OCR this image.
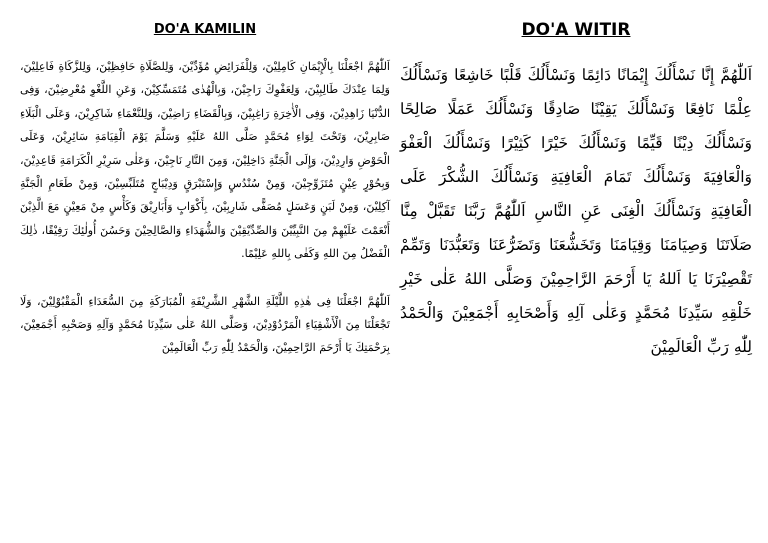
DO'A KAMILIN

اَللّٰهُمَّ اجْعَلْنَا بِالْإِيْمَانِ كَامِلِيْنَ، وَلِلْفَرَائِضِ مُؤَدِّيْنَ، وَلِلصَّلَاةِ حَافِظِيْنَ، وَلِلزَّكَاةِ فَاعِلِيْنَ، وَلِمَا عِنْدَكَ طَالِبِيْنَ، وَلِعَفْوِكَ رَاجِيْنَ، وَبِالْهُدٰى مُتَمَسِّكِيْنَ، وَعَنِ اللَّغْوِ مُعْرِضِيْنَ، وَفِى الدُّنْيَا زَاهِدِيْنَ، وَفِى الْأٰخِرَةِ رَاغِبِيْنَ، وَبِالْقَضَاءِ رَاضِيْنَ، وَلِلنَّعْمَاءِ شَاكِرِيْنَ، وَعَلَى الْبَلَاءِ صَابِرِيْنَ، وَتَحْتَ لِوَاءِ مُحَمَّدٍ صَلَّى اللهُ عَلَيْهِ وَسَلَّمَ يَوْمَ الْقِيَامَةِ سَائِرِيْنَ، وَعَلَى الْحَوْضِ وَارِدِيْنَ، وَإِلَى الْجَنَّةِ دَاخِلِيْنَ، وَمِنَ النَّارِ نَاجِيْنَ، وَعَلٰى سَرِيْرِ الْكَرَامَةِ قَاعِدِيْنَ، وَبِحُوْرٍ عِيْنٍ مُتَزَوِّجِيْنَ، وَمِنْ سُنْدُسٍ وَإِسْتَبْرَقٍ وَدِيْبَاجٍ مُتَلَبِّسِيْنَ، وَمِنْ طَعَامِ الْجَنَّةِ آكِلِيْنَ، وَمِنْ لَبَنٍ وَعَسَلٍ مُصَفًّى شَارِبِيْنَ، بِأَكْوَابٍ وَأَبَارِيْقَ وَكَأْسٍ مِنْ مَعِيْنٍ مَعَ الَّذِيْنَ أَنْعَمْتَ عَلَيْهِمْ مِنَ النَّبِيِّيْنَ وَالصِّدِّيْقِيْنَ وَالشُّهَدَاءِ وَالصَّالِحِيْنَ وَحَسُنَ أُولٰئِكَ رَفِيْقًا، ذٰلِكَ الْفَضْلُ مِنَ اللهِ وَكَفٰى بِاللهِ عَلِيْمًا.

اَللّٰهُمَّ اجْعَلْنَا فِى هٰذِهِ اللَّيْلَةِ الشَّهْرِ الشَّرِيْفَةِ الْمُبَارَكَةِ مِنَ السُّعَدَاءِ الْمَقْبُوْلِيْنَ، وَلَا تَجْعَلْنَا مِنَ الْأَشْقِيَاءِ الْمَرْدُوْدِيْنَ، وَصَلَّى اللهُ عَلٰى سَيِّدِنَا مُحَمَّدٍ وَآلِهِ وَصَحْبِهِ أَجْمَعِيْنَ، بِرَحْمَتِكَ يَا أَرْحَمَ الرَّاحِمِيْنَ، وَالْحَمْدُ لِلّٰهِ رَبِّ الْعَالَمِيْنَ

DO'A WITIR

اَللّٰهُمَّ إِنَّا نَسْأَلُكَ إِيْمَانًا دَائِمًا وَنَسْأَلُكَ قَلْبًا خَاشِعًا وَنَسْأَلُكَ عِلْمًا نَافِعًا وَنَسْأَلُكَ يَقِيْنًا صَادِقًا وَنَسْأَلُكَ عَمَلًا صَالِحًا وَنَسْأَلُكَ دِيْنًا قَيِّمًا وَنَسْأَلُكَ خَيْرًا كَثِيْرًا وَنَسْأَلُكَ الْعَفْوَ وَالْعَافِيَةَ وَنَسْأَلُكَ تَمَامَ الْعَافِيَةِ وَنَسْأَلُكَ الشُّكْرَ عَلَى الْعَافِيَةِ وَنَسْأَلُكَ الْغِنَى عَنِ النَّاسِ اَللّٰهُمَّ رَبَّنَا تَقَبَّلْ مِنَّا صَلَاتَنَا وَصِيَامَنَا وَقِيَامَنَا وَتَخَشُّعَنَا وَتَضَرُّعَنَا وَتَعَبُّدَنَا وَتَمِّمْ تَقْصِيْرَنَا يَا اَللهُ يَا أَرْحَمَ الرَّاحِمِيْنَ وَصَلَّى اللهُ عَلٰى خَيْرِ خَلْقِهِ سَيِّدِنَا مُحَمَّدٍ وَعَلٰى آلِهِ وَأَصْحَابِهِ أَجْمَعِيْنَ وَالْحَمْدُ لِلّٰهِ رَبِّ الْعَالَمِيْنَ
